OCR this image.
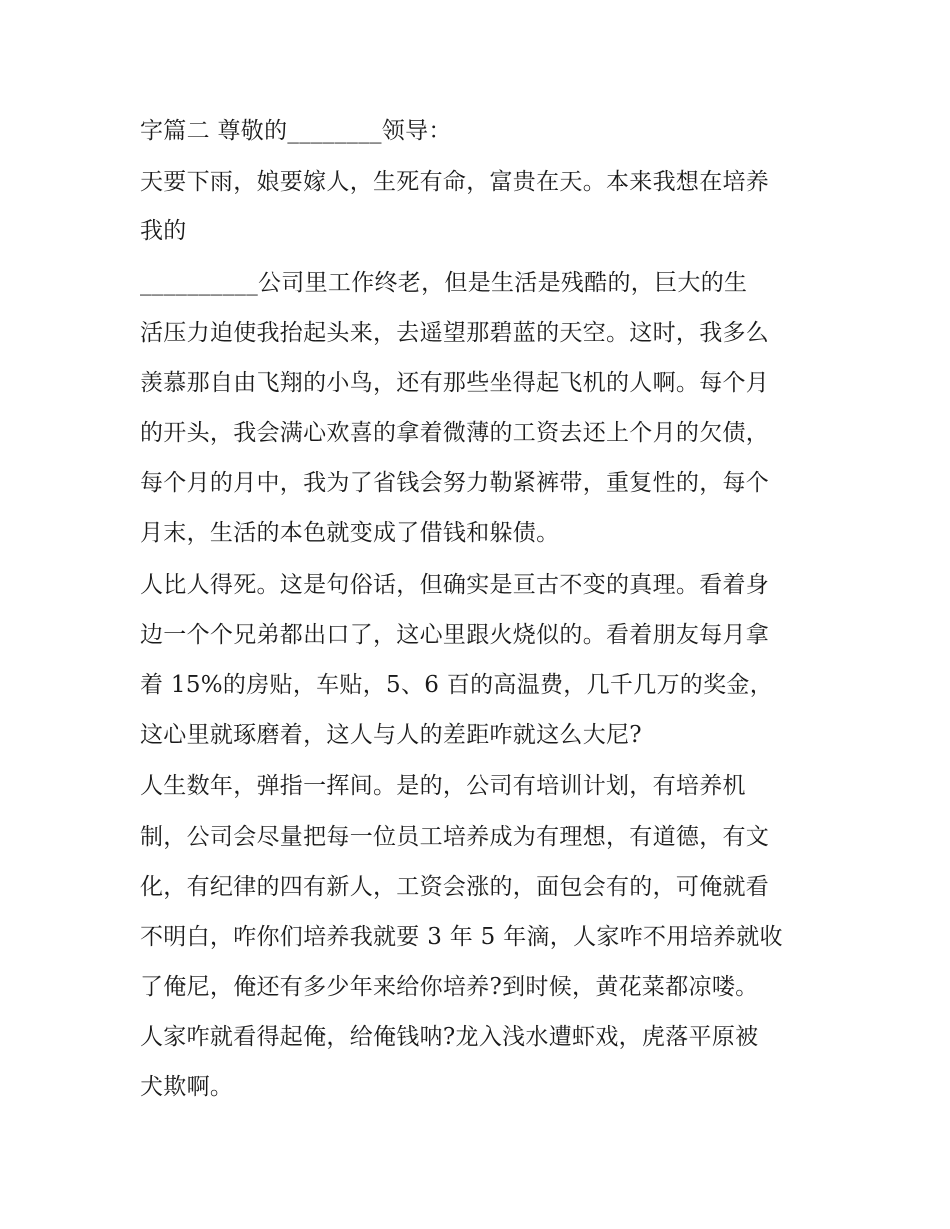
字篇二 尊敬的________领导：
天要下雨，娘要嫁人，生死有命，富贵在天。本来我想在培养
我的
__________公司里工作终老，但是生活是残酷的，巨大的生
活压力迫使我抬起头来，去遥望那碧蓝的天空。这时，我多么
羡慕那自由飞翔的小鸟，还有那些坐得起飞机的人啊。每个月
的开头，我会满心欢喜的拿着微薄的工资去还上个月的欠债，
每个月的月中，我为了省钱会努力勒紧裤带，重复性的，每个
月末，生活的本色就变成了借钱和躲债。
人比人得死。这是句俗话，但确实是亘古不变的真理。看着身
边一个个兄弟都出口了，这心里跟火烧似的。看着朋友每月拿
着 15%的房贴，车贴，5、6 百的高温费，几千几万的奖金，
这心里就琢磨着，这人与人的差距咋就这么大尼?
人生数年，弹指一挥间。是的，公司有培训计划，有培养机
制，公司会尽量把每一位员工培养成为有理想，有道德，有文
化，有纪律的四有新人，工资会涨的，面包会有的，可俺就看
不明白，咋你们培养我就要 3 年 5 年滴，人家咋不用培养就收
了俺尼，俺还有多少年来给你培养?到时候，黄花菜都凉喽。
人家咋就看得起俺，给俺钱呐?龙入浅水遭虾戏，虎落平原被
犬欺啊。
